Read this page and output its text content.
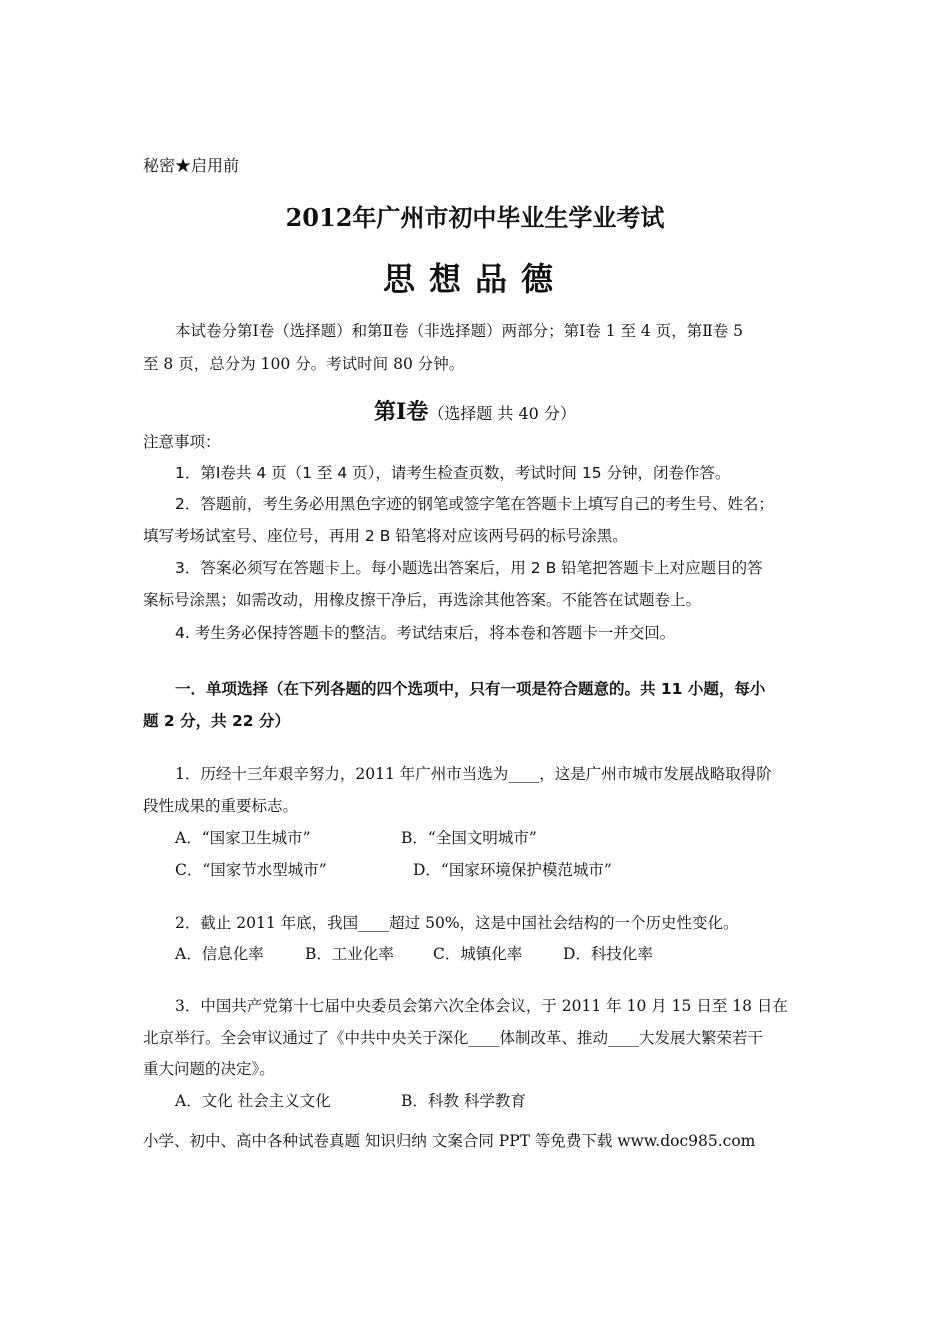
秘密★启用前
2012年广州市初中毕业生学业考试
思想品德
本试卷分第Ⅰ卷（选择题）和第Ⅱ卷（非选择题）两部分；第Ⅰ卷 1 至 4 页，第Ⅱ卷 5
至 8 页，总分为 100 分。考试时间 80 分钟。
第Ⅰ卷（选择题 共 40 分）
注意事项：
1．第Ⅰ卷共 4 页（1 至 4 页），请考生检查页数，考试时间 15 分钟，闭卷作答。
2．答题前，考生务必用黑色字迹的钢笔或签字笔在答题卡上填写自己的考生号、姓名；
填写考场试室号、座位号，再用 2 B 铅笔将对应该两号码的标号涂黑。
3．答案必须写在答题卡上。每小题选出答案后，用 2 B 铅笔把答题卡上对应题目的答
案标号涂黑；如需改动，用橡皮擦干净后，再选涂其他答案。不能答在试题卷上。
4. 考生务必保持答题卡的整洁。考试结束后，将本卷和答题卡一并交回。
一．单项选择（在下列各题的四个选项中，只有一项是符合题意的。共 11 小题，每小
题 2 分，共 22 分）
1．历经十三年艰辛努力，2011 年广州市当选为____，这是广州市城市发展战略取得阶
段性成果的重要标志。
A．“国家卫生城市”	B．“全国文明城市”
C．“国家节水型城市”	D．“国家环境保护模范城市”
2．截止 2011 年底，我国____超过 50%，这是中国社会结构的一个历史性变化。
A．信息化率	B．工业化率	C．城镇化率	D．科技化率
3．中国共产党第十七届中央委员会第六次全体会议，于 2011 年 10 月 15 日至 18 日在
北京举行。全会审议通过了《中共中央关于深化____体制改革、推动____大发展大繁荣若干
重大问题的决定》。
A．文化 社会主义文化	B．科教 科学教育
小学、初中、高中各种试卷真题 知识归纳 文案合同 PPT 等免费下载 www.doc985.com
